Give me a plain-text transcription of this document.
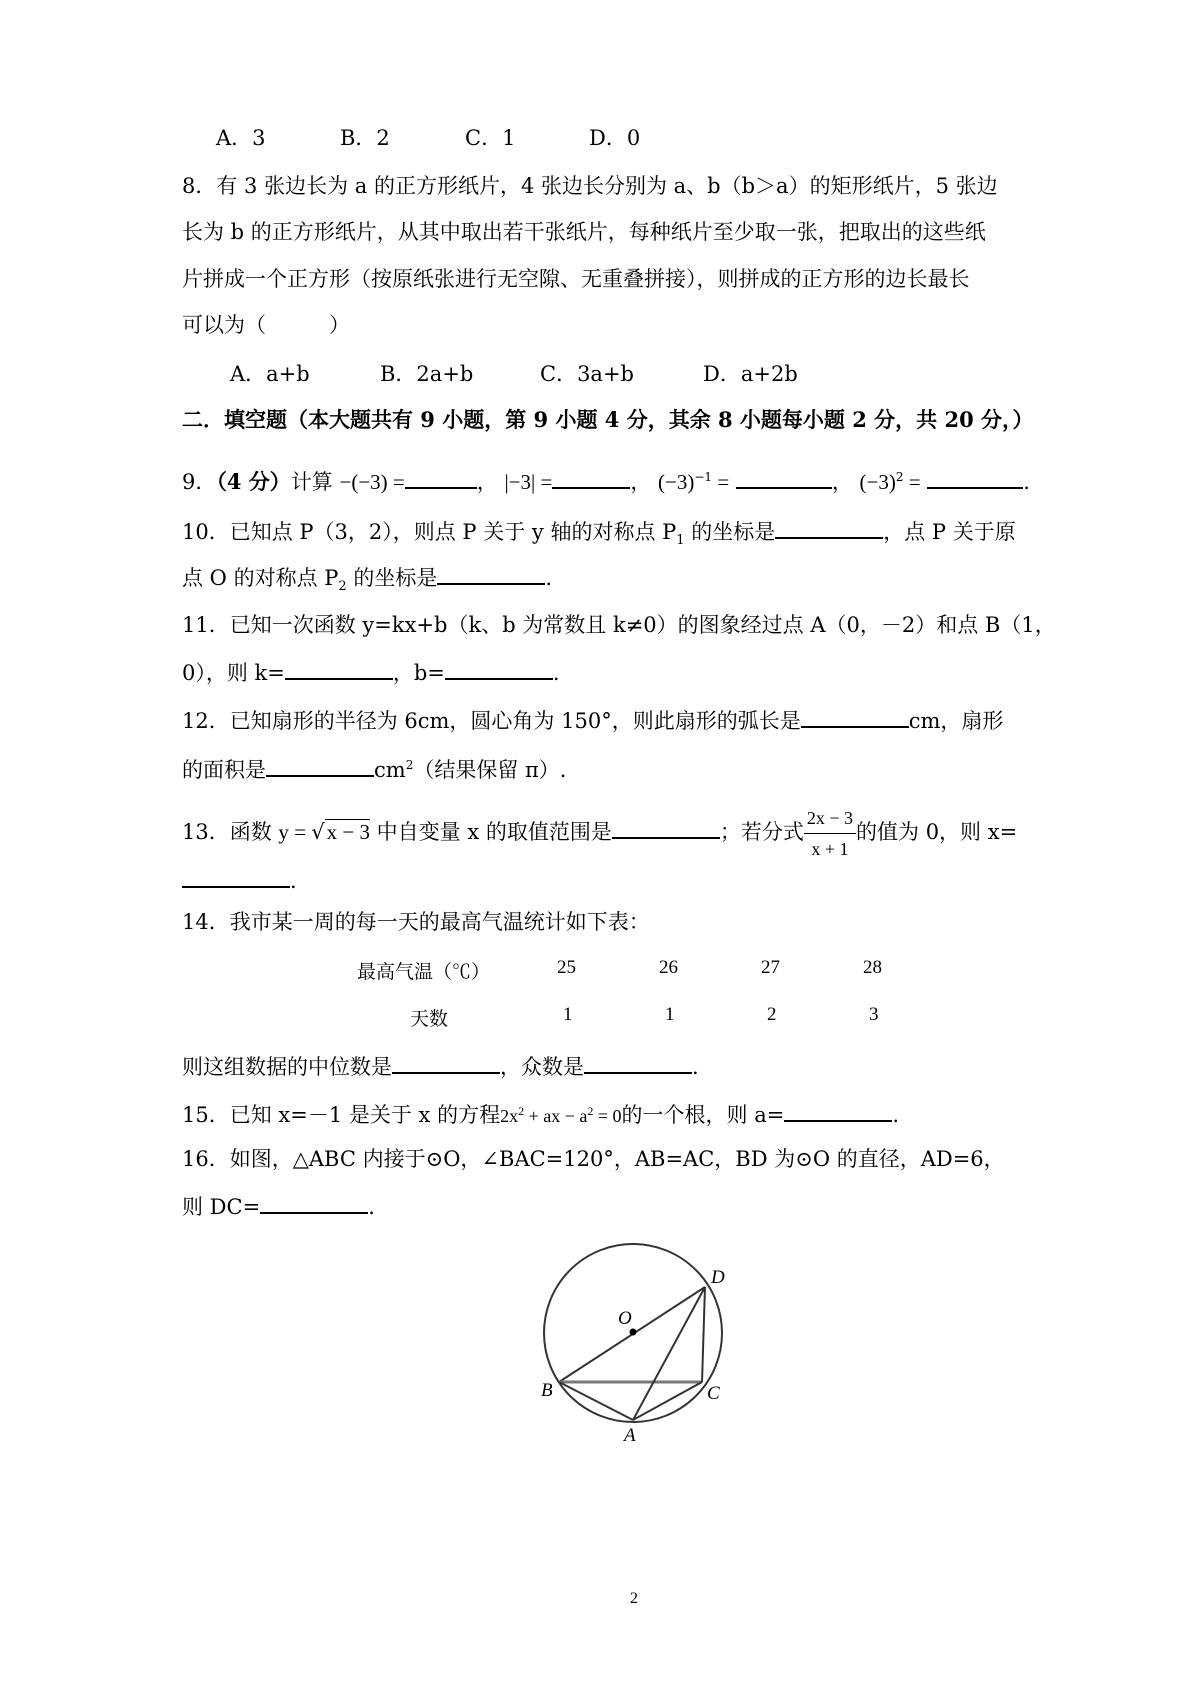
A．3	B．2	C．1	D．0
8．有 3 张边长为 a 的正方形纸片，4 张边长分别为 a、b（b＞a）的矩形纸片，5 张边
长为 b 的正方形纸片，从其中取出若干张纸片，每种纸片至少取一张，把取出的这些纸
片拼成一个正方形（按原纸张进行无空隙、无重叠拼接），则拼成的正方形的边长最长
可以为（　　　）
A．a+b	B．2a+b	C．3a+b	D．a+2b
二．填空题（本大题共有 9 小题，第 9 小题 4 分，其余 8 小题每小题 2 分，共 20 分，）
9．（4 分）计算 −(−3) =	， |−3| =	， $(-3)^{-1}$ =	， $(-3)^2$ =	.
10．已知点 P（3，2），则点 P 关于 y 轴的对称点 $P_1$ 的坐标是	，点 P 关于原
点 O 的对称点 $P_2$ 的坐标是	.
11．已知一次函数 y=kx+b（k、b 为常数且 k≠0）的图象经过点 A（0，－2）和点 B（1，
0），则 k=	，b=	.
12．已知扇形的半径为 6cm，圆心角为 150°，则此扇形的弧长是	cm，扇形
的面积是	$cm^2$（结果保留 π）.
13．函数 y = √x − 3 中自变量 x 的取值范围是	；若分式 $\frac{2x - 3}{x + 1}$ 的值为 0，则 x=
.
14．我市某一周的每一天的最高气温统计如下表：
最高气温（℃）	25	26	27	28
天数	1	1	2	3
则这组数据的中位数是	，众数是	.
15．已知 x=－1 是关于 x 的方程$2x^2$ + ax − $a^2 = 0$的一个根，则 a=	.
16．如图，△ABC 内接于⊙O，∠BAC=120°，AB=AC，BD 为⊙O 的直径，AD=6，
则 DC=	.
D
O
B	C
A
2
